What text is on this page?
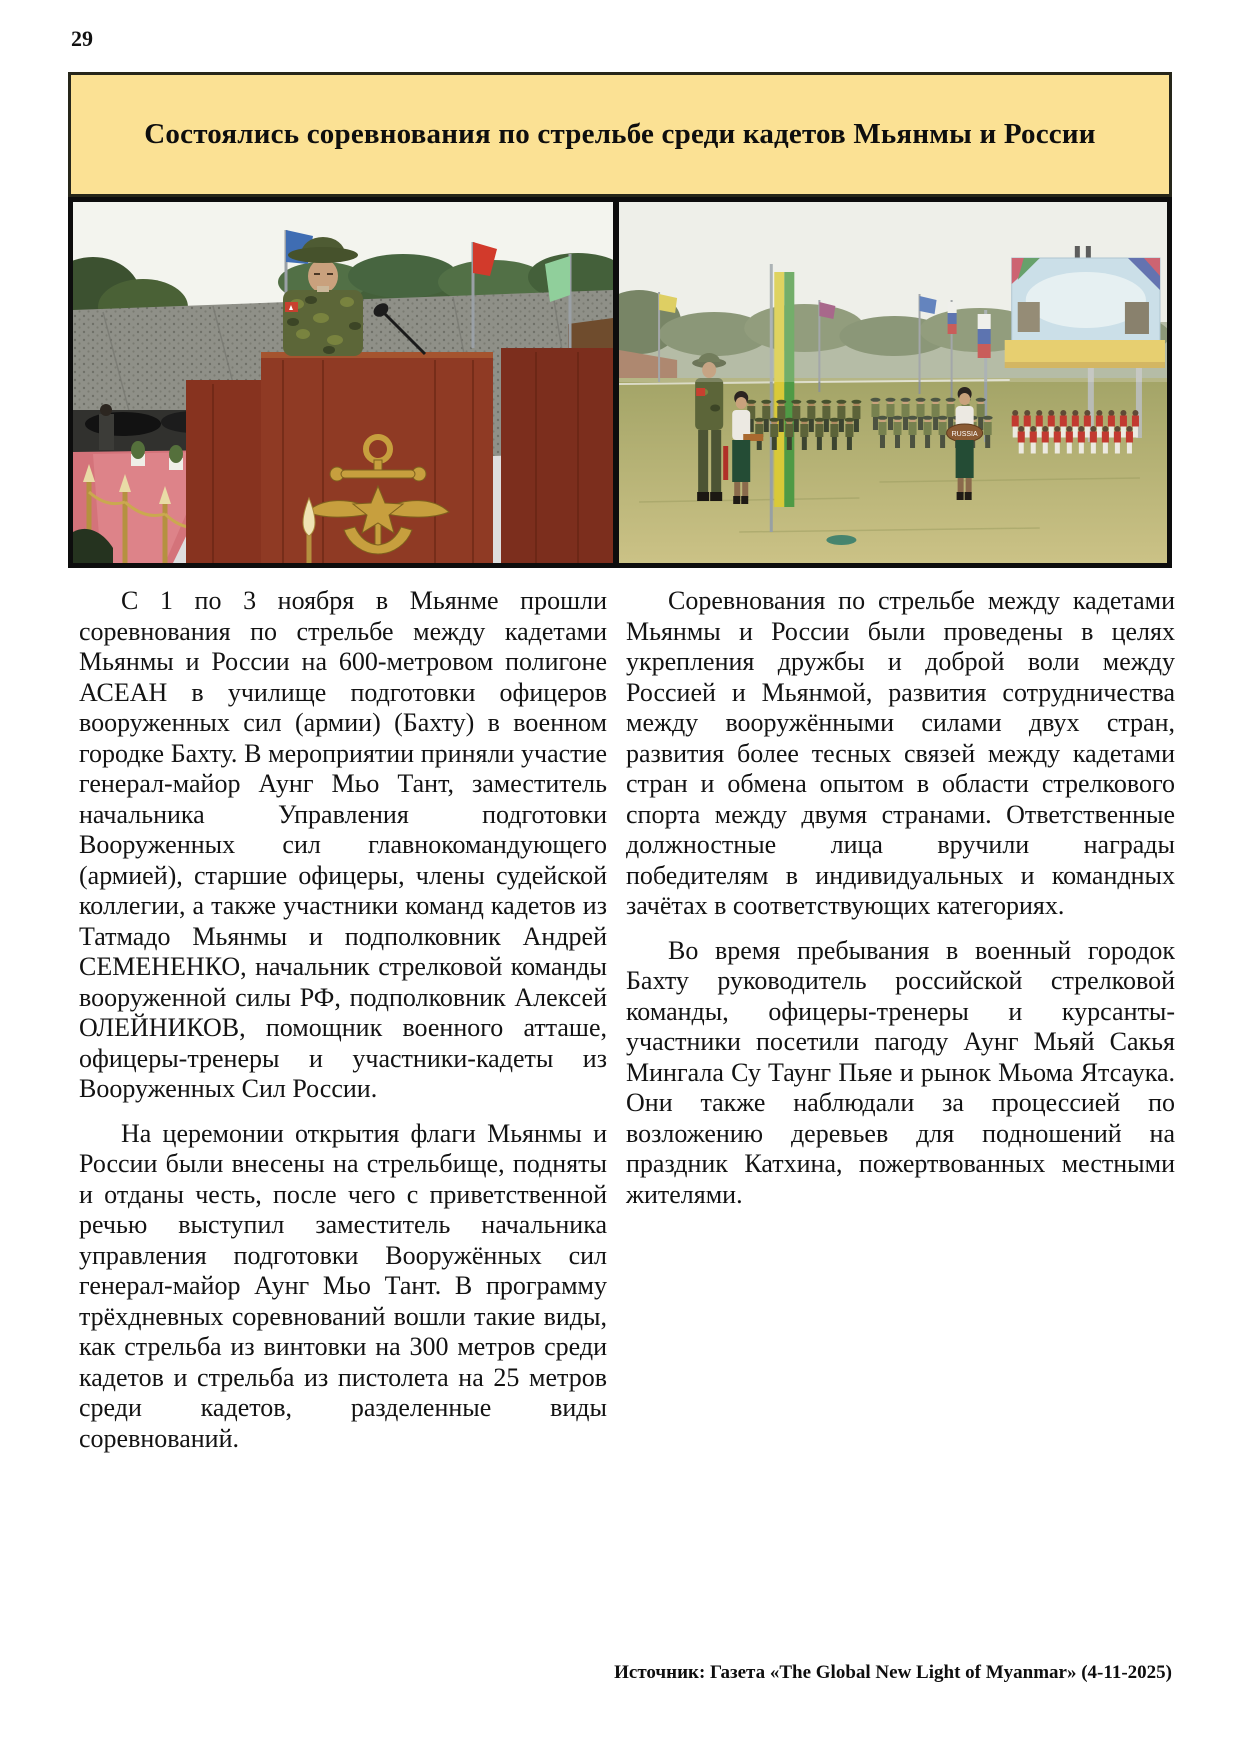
29
Состоялись соревнования по стрельбе среди кадетов Мьянмы и России
RUSSIA

С 1 по 3 ноября в Мьянме прошли соревнования по стрельбе между кадетами Мьянмы и России на 600-метровом полигоне АСЕАН в училище подготовки офицеров вооруженных сил (армии) (Бахту) в военном городке Бахту. В мероприятии приняли участие генерал-майор Аунг Мьо Тант, заместитель начальника Управления подготовки Вооруженных сил главнокомандующего (армией), старшие офицеры, члены судейской коллегии, а также участники команд кадетов из Татмадо Мьянмы и подполковник Андрей СЕМЕНЕНКО, начальник стрелковой команды вооруженной силы РФ, подполковник Алексей ОЛЕЙНИКОВ, помощник военного атташе, офицеры-тренеры и участники-кадеты из Вооруженных Сил России.

На церемонии открытия флаги Мьянмы и России были внесены на стрельбище, подняты и отданы честь, после чего с приветственной речью выступил заместитель начальника управления подготовки Вооружённых сил генерал-майор Аунг Мьо Тант. В программу трёхдневных соревнований вошли такие виды, как стрельба из винтовки на 300 метров среди кадетов и стрельба из пистолета на 25 метров среди кадетов, разделенные виды соревнований.

Соревнования по стрельбе между кадетами Мьянмы и России были проведены в целях укрепления дружбы и доброй воли между Россией и Мьянмой, развития сотрудничества между вооружёнными силами двух стран, развития более тесных связей между кадетами стран и обмена опытом в области стрелкового спорта между двумя странами. Ответственные должностные лица вручили награды победителям в индивидуальных и командных зачётах в соответствующих категориях.

Во время пребывания в военный городок Бахту руководитель российской стрелковой команды, офицеры-тренеры и курсанты-участники посетили пагоду Аунг Мьяй Сакья Мингала Су Таунг Пьяе и рынок Мьома Ятсаука. Они также наблюдали за процессией по возложению деревьев для подношений на праздник Катхина, пожертвованных местными жителями.

Источник: Газета «The Global New Light of Myanmar» (4-11-2025)
